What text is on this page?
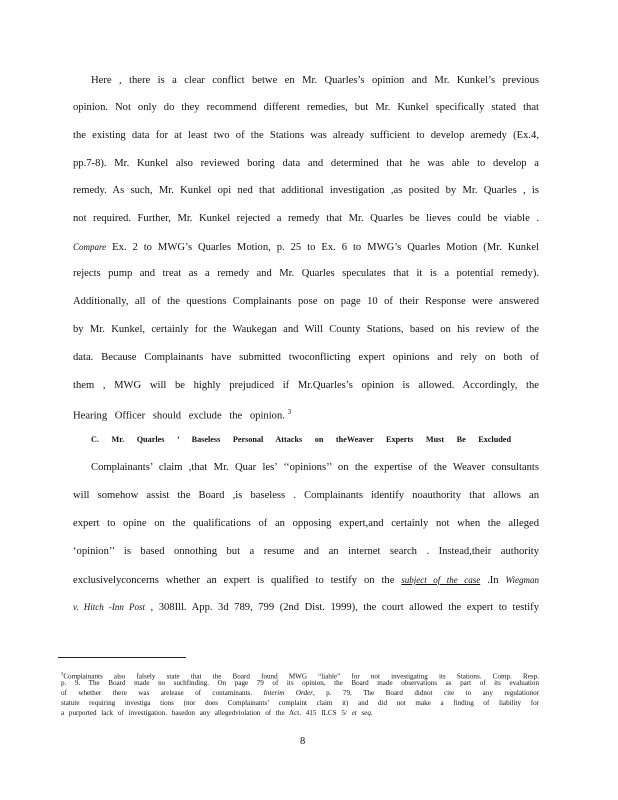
Here , there is a clear conflict betwe en Mr. Quarles’s opinion and Mr. Kunkel’s previous
opinion. Not only do they recommend different remedies, but Mr. Kunkel specifically stated that
the existing data for at least two of the Stations was already sufficient to develop aremedy (Ex.4,
pp.7-8). Mr. Kunkel also reviewed boring data and determined that he was able to develop a
remedy. As such, Mr. Kunkel opi ned that additional investigation ,as posited by Mr. Quarles , is
not required. Further, Mr. Kunkel rejected a remedy that Mr. Quarles be lieves could be viable .
Compare Ex. 2 to MWG’s Quarles Motion, p. 25 to Ex. 6 to MWG’s Quarles Motion (Mr. Kunkel
rejects pump and treat as a remedy and Mr. Quarles speculates that it is a potential remedy).
Additionally, all of the questions Complainants pose on page 10 of their Response were answered
by Mr. Kunkel, certainly for the Waukegan and Will County Stations, based on his review of the
data. Because Complainants have submitted twoconflicting expert opinions and rely on both of
them , MWG will be highly prejudiced if Mr.Quarles’s opinion is allowed. Accordingly, the
Hearing Officer should exclude the opinion. $^3$
C. Mr. Quarles ’ Baseless Personal Attacks on theWeaver Experts Must Be Excluded
Complainants’ claim ,that Mr. Quar les’ ‘‘opinions’’ on the expertise of the Weaver consultants
will somehow assist the Board ,is baseless . Complainants identify noauthority that allows an
expert to opine on the qualifications of an opposing expert,and certainly not when the alleged
‘opinion’’ is based onnothing but a resume and an internet search . Instead,their authority
exclusivelyconcerns whether an expert is qualified to testify on the subject of the case .In Wiegman
v. Hitch -Inn Post , 308Ill. App. 3d 789, 799 (2nd Dist. 1999), the court allowed the expert to testify
$^3$Complainants also falsely state that the Board found MWG “liable” for not investigating its Stations. Comp. Resp.
p. 9. The Board made no suchfinding. On page 79 of its opinion, the Board made observations as part of its evaluation
of whether there was arelease of contaminants. Interim Order, p. 79. The Board didnot cite to any regulationor
statute requiring investiga tions (nor does Complainants’ complaint claim it) and did not make a finding of liability for
a purported lack of investigation. basedon any allegedviolation of the Act. 415 ILCS 5/ et seq.
8
